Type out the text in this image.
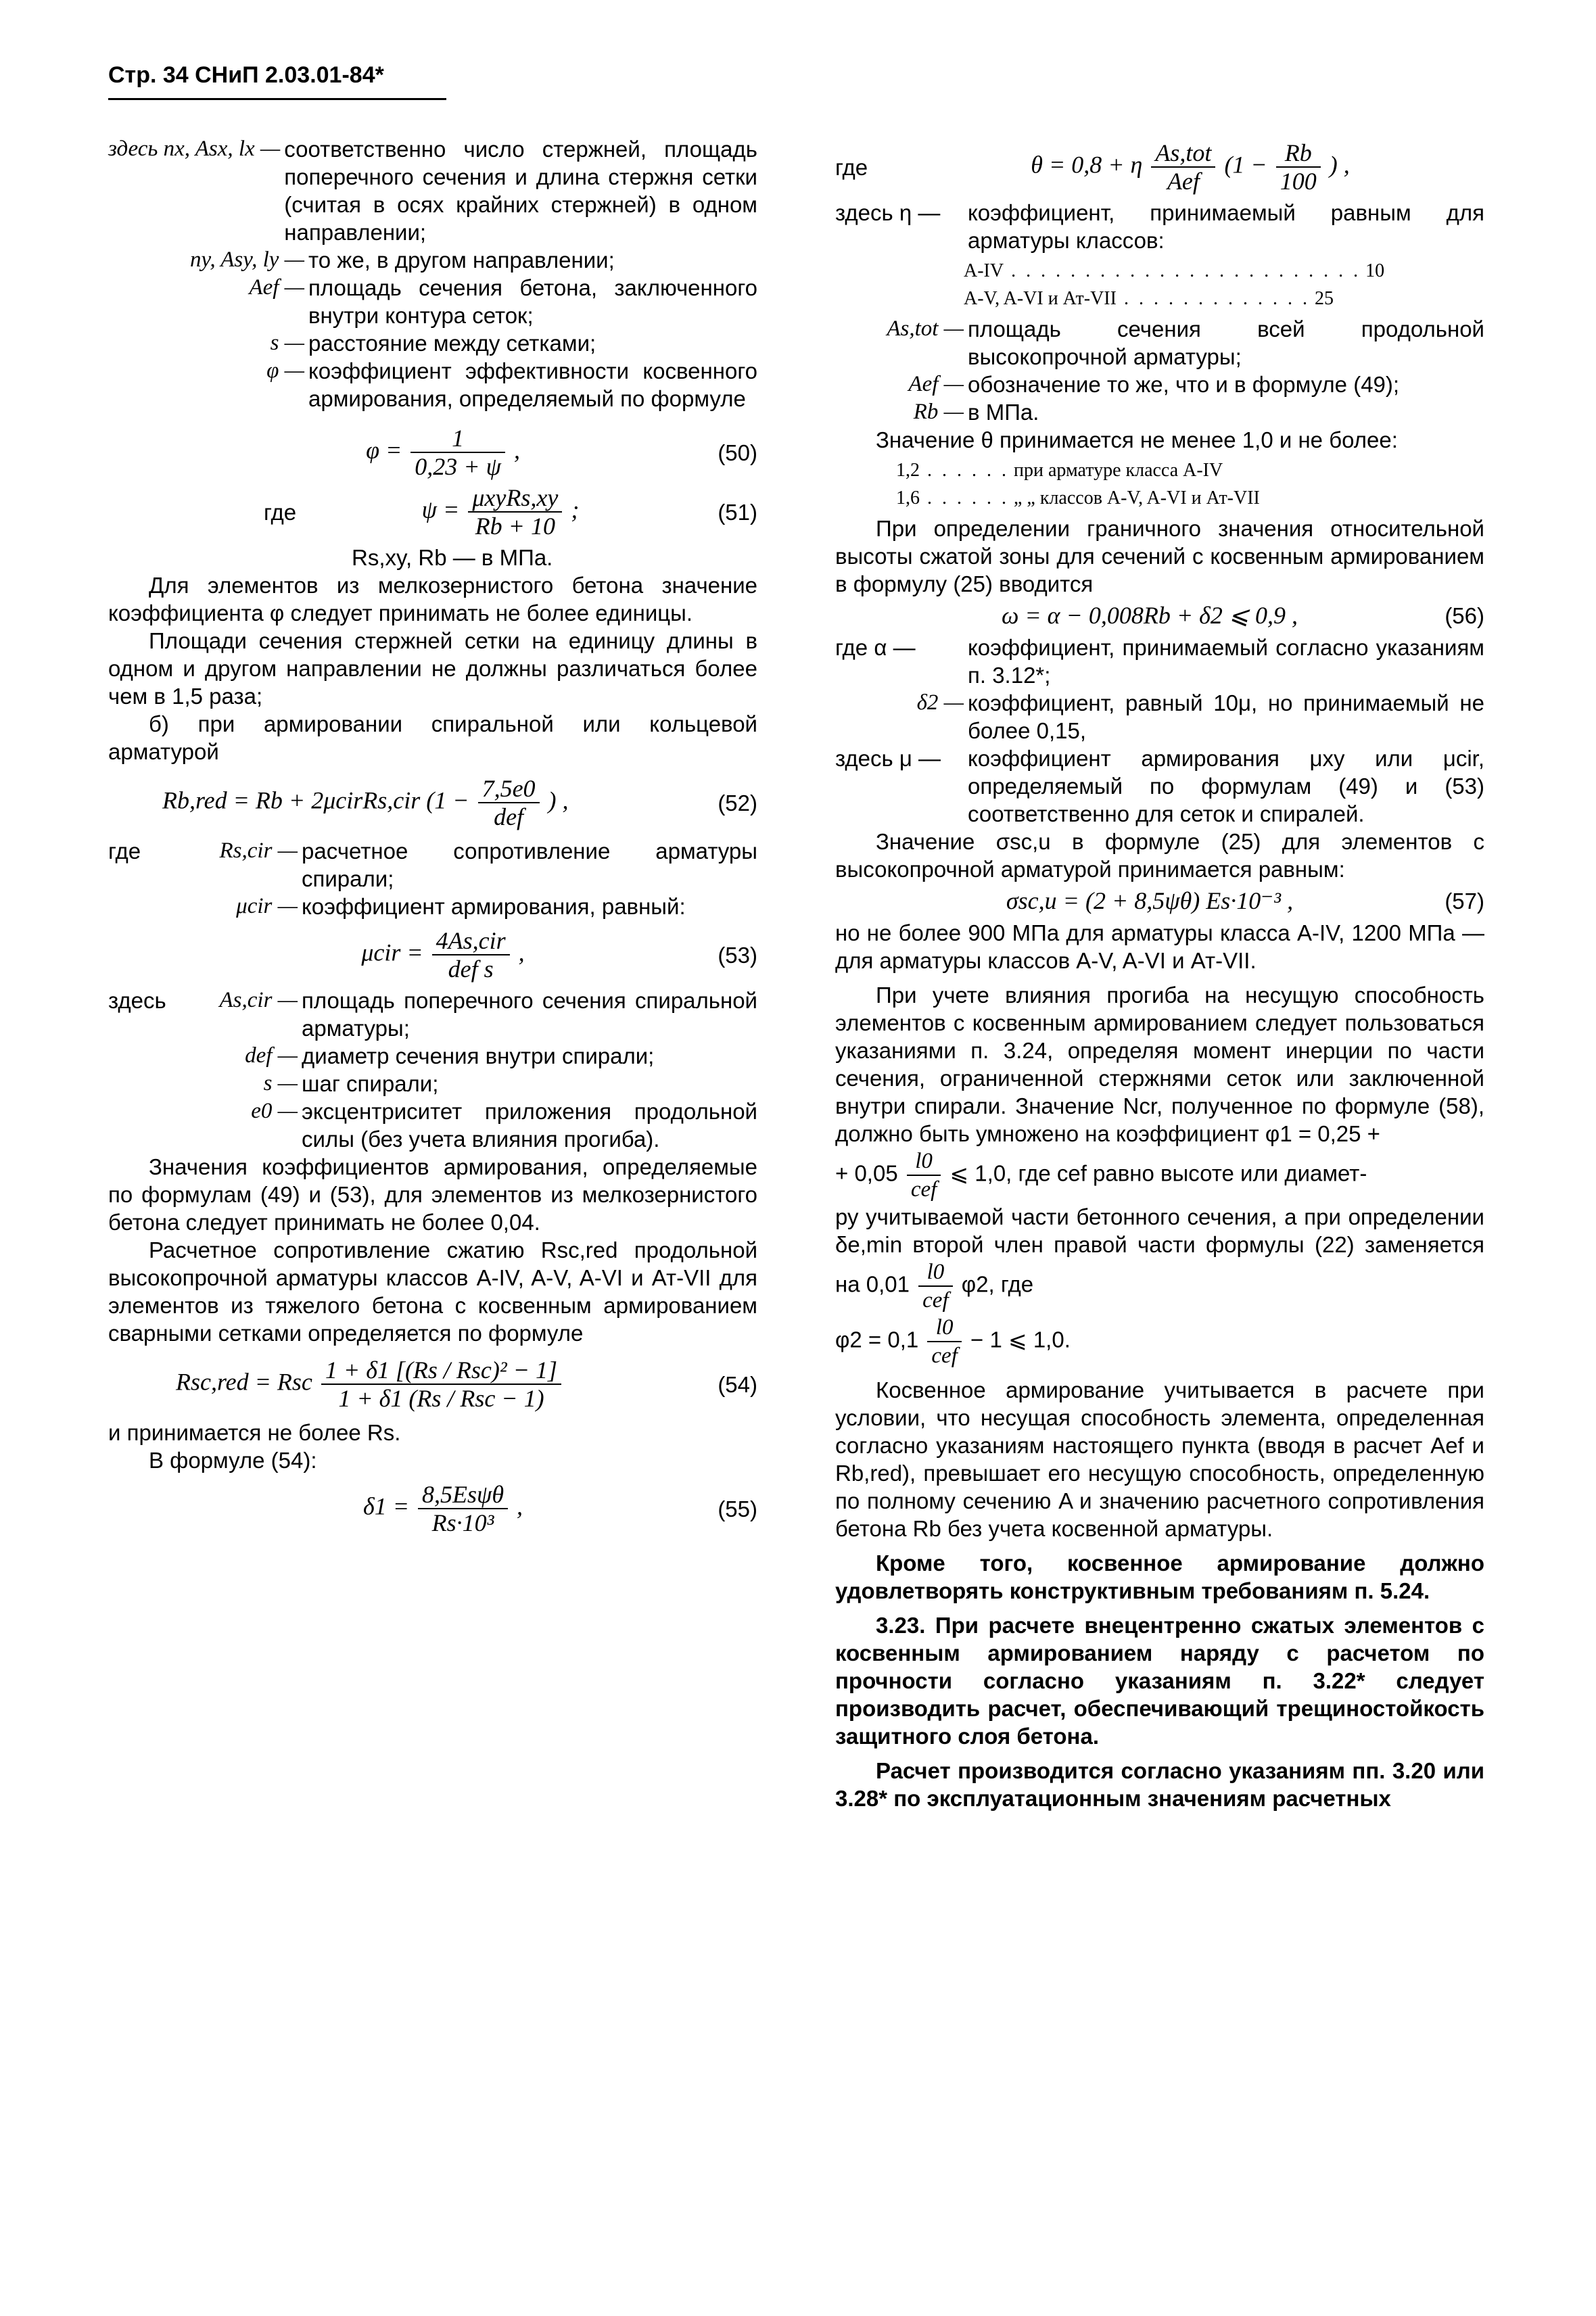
Стр. 34 СНиП 2.03.01-84*
здесь nx, Asx, lx — соответственно число стержней, площадь поперечного сечения и длина стержня сетки (считая в осях крайних стержней) в одном направлении;
ny, Asy, ly — то же, в другом направлении;
Aef — площадь сечения бетона, заключенного внутри контура сеток;
s — расстояние между сетками;
φ — коэффициент эффективности косвенного армирования, определяемый по формуле
$\varphi = \frac{1}{0,23 + \psi}$ ,	(50)
где	$\psi = \frac{\text{μxyRs,xy}}{Rb + 10}$ ;	(51)

Rs,xy, Rb — в МПа.

Для элементов из мелкозернистого бетона значение коэффициента φ следует принимать не более единицы.

Площади сечения стержней сетки на единицу длины в одном и другом направлении не должны различаться более чем в 1,5 раза;

б) при армировании спиральной или кольцевой арматурой

Rb,red = Rb + 2μcirRs,cir ($1 - \frac{7,5e0}{\text{def}}$ ) ,	(52)
где	Rs,cir — расчетное сопротивление арматуры спирали;
μcir — коэффициент армирования, равный:
$\mu cir = \frac{\text{4As,cir}}{\text{def s}}$ ,	(53)
здесь	As,cir — площадь поперечного сечения спиральной арматуры;
def — диаметр сечения внутри спирали;
s — шаг спирали;
e0 — эксцентриситет приложения продольной силы (без учета влияния прогиба).

Значения коэффициентов армирования, определяемые по формулам (49) и (53), для элементов из мелкозернистого бетона следует принимать не более 0,04.

Расчетное сопротивление сжатию Rsc,red продольной высокопрочной арматуры классов A-IV, A-V, A-VI и Ат-VII для элементов из тяжелого бетона с косвенным армированием сварными сетками определяется по формуле

Rsc,red = Rsc $\frac{\text{1 + δ1 [(Rs / Rsc)² − 1]}}{\text{1 + δ1 (Rs / Rsc − 1)}}$	(54)

и принимается не более Rs.

В формуле (54):

$\delta 1 = \frac{\text{8,5Esψθ}}{\text{Rs·10³}}$ ,	(55)
где	θ = 0,8 + η $\frac{\text{As,tot}}{\text{Aef}} (1 - \frac{Rb}{100}$ ) ,
здесь η —	коэффициент, принимаемый равным для арматуры классов:
A-IV . . . . . . . . . . . . . . . . . . . . . . . . 10
A-V, A-VI и Ат-VII . . . . . . . . . . . . . 25
As,tot — площадь сечения всей продольной высокопрочной арматуры;
Aef — обозначение то же, что и в формуле (49);
Rb — в МПа.

Значение θ принимается не менее 1,0 и не более:

1,2 . . . . . . при арматуре класса A-IV
1,6 . . . . . . „ „ классов A-V, A-VI и Ат-VII

При определении граничного значения относительной высоты сжатой зоны для сечений с косвенным армированием в формулу (25) вводится

ω = α − 0,008Rb + δ2 ⩽ 0,9 ,	(56)
где α —	коэффициент, принимаемый согласно указаниям п. 3.12*;
δ2 — коэффициент, равный 10μ, но принимаемый не более 0,15,
здесь μ —	коэффициент армирования μxy или μcir, определяемый по формулам (49) и (53) соответственно для сеток и спиралей.

Значение σsc,u в формуле (25) для элементов с высокопрочной арматурой принимается равным:

σsc,u = (2 + 8,5ψθ) Es·10⁻³ ,	(57)

но не более 900 МПа для арматуры класса A-IV, 1200 МПа — для арматуры классов A-V, A-VI и Ат-VII.

При учете влияния прогиба на несущую способность элементов с косвенным армированием следует пользоваться указаниями п. 3.24, определяя момент инерции по части сечения, ограниченной стержнями сеток или заключенной внутри спирали. Значение Ncr, полученное по формуле (58), должно быть умножено на коэффициент φ1 = 0,25 +

+ $0,05 \frac{l0}{\text{cef}}$ ⩽ 1,0, где cef равно высоте или диамет-

ру учитываемой части бетонного сечения, а при определении δe,min второй член правой части формулы (22) заменяется на $0,01 \frac{l0}{\text{cef}} \varphi 2$, где

$\varphi 2 = 0,1 \frac{l0}{\text{cef}} - 1$ ⩽ 1,0.

Косвенное армирование учитывается в расчете при условии, что несущая способность элемента, определенная согласно указаниям настоящего пункта (вводя в расчет Aef и Rb,red), превышает его несущую способность, определенную по полному сечению A и значению расчетного сопротивления бетона Rb без учета косвенной арматуры.

Кроме того, косвенное армирование должно удовлетворять конструктивным требованиям п. 5.24.

3.23. При расчете внецентренно сжатых элементов с косвенным армированием наряду с расчетом по прочности согласно указаниям п. 3.22* следует производить расчет, обеспечивающий трещиностойкость защитного слоя бетона.

Расчет производится согласно указаниям пп. 3.20 или 3.28* по эксплуатационным значениям расчетных
